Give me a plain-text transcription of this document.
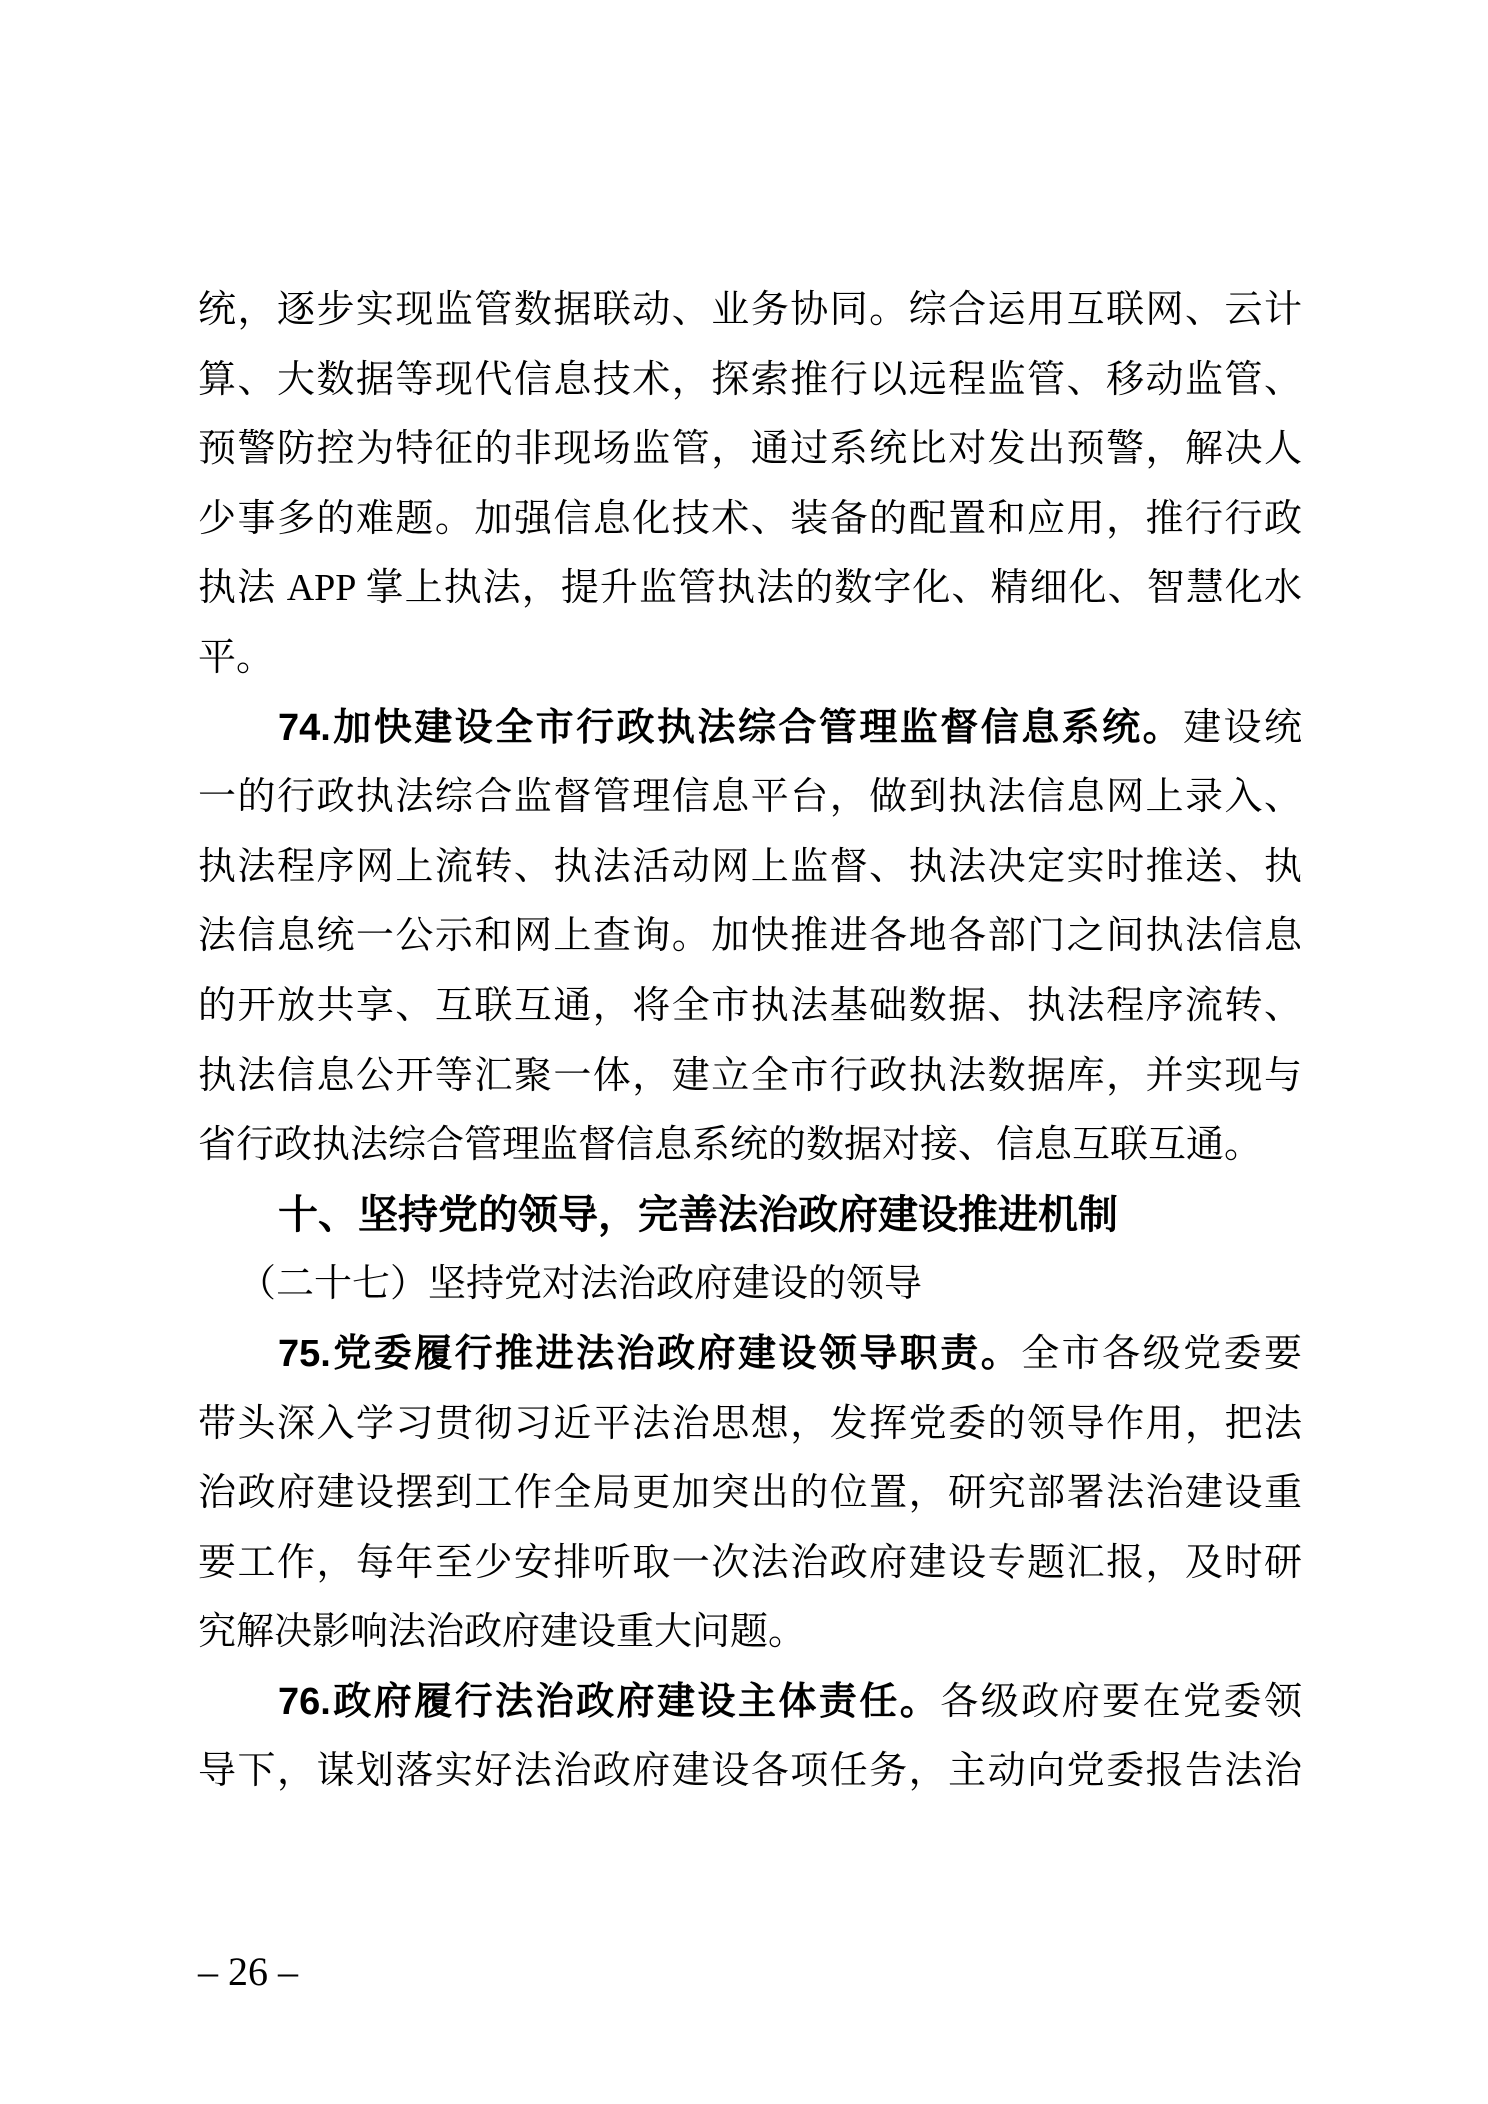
统，逐步实现监管数据联动、业务协同。综合运用互联网、云计
算、大数据等现代信息技术，探索推行以远程监管、移动监管、
预警防控为特征的非现场监管，通过系统比对发出预警，解决人
少事多的难题。加强信息化技术、装备的配置和应用，推行行政
执法 APP 掌上执法，提升监管执法的数字化、精细化、智慧化水
平。
74.加快建设全市行政执法综合管理监督信息系统。建设统
一的行政执法综合监督管理信息平台，做到执法信息网上录入、
执法程序网上流转、执法活动网上监督、执法决定实时推送、执
法信息统一公示和网上查询。加快推进各地各部门之间执法信息
的开放共享、互联互通，将全市执法基础数据、执法程序流转、
执法信息公开等汇聚一体，建立全市行政执法数据库，并实现与
省行政执法综合管理监督信息系统的数据对接、信息互联互通。
十、坚持党的领导，完善法治政府建设推进机制
（二十七）坚持党对法治政府建设的领导
75.党委履行推进法治政府建设领导职责。全市各级党委要
带头深入学习贯彻习近平法治思想，发挥党委的领导作用，把法
治政府建设摆到工作全局更加突出的位置，研究部署法治建设重
要工作，每年至少安排听取一次法治政府建设专题汇报，及时研
究解决影响法治政府建设重大问题。
76.政府履行法治政府建设主体责任。各级政府要在党委领
导下，谋划落实好法治政府建设各项任务，主动向党委报告法治
– 26 –
